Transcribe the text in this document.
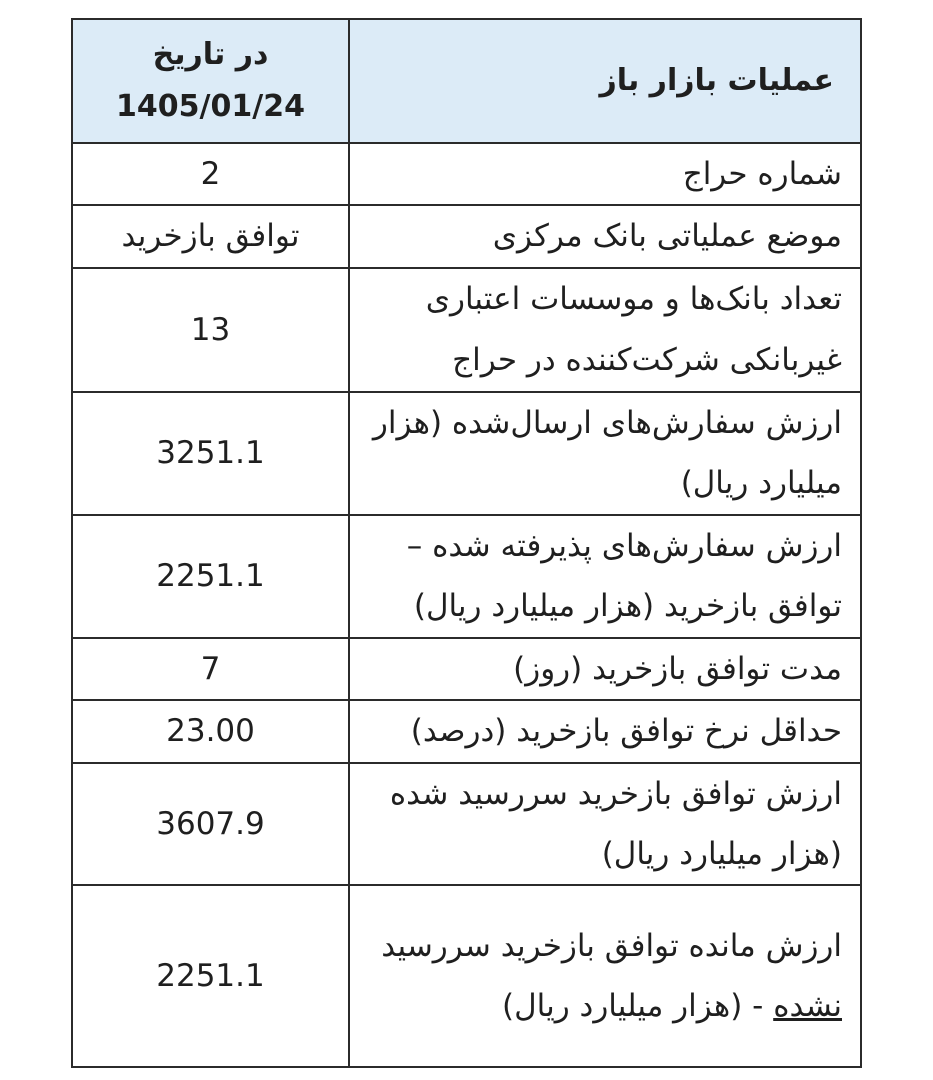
عملیات بازار باز	در تاریخ
1405/01/24

شماره حراج	2
موضع عملیاتی بانک مرکزی	توافق بازخرید
تعداد بانک‌ها و موسسات اعتباری غیربانکی شرکت‌کننده در حراج	13
ارزش سفارش‌های ارسال‌شده (هزار میلیارد ریال)	3251.1
ارزش سفارش‌های پذیرفته شده – توافق بازخرید (هزار میلیارد ریال)	2251.1
مدت توافق بازخرید (روز)	7
حداقل نرخ توافق بازخرید (درصد)	23.00
ارزش توافق بازخرید سررسید شده (هزار میلیارد ریال)	3607.9
ارزش مانده توافق بازخرید سررسید نشده - (هزار میلیارد ریال)	2251.1
